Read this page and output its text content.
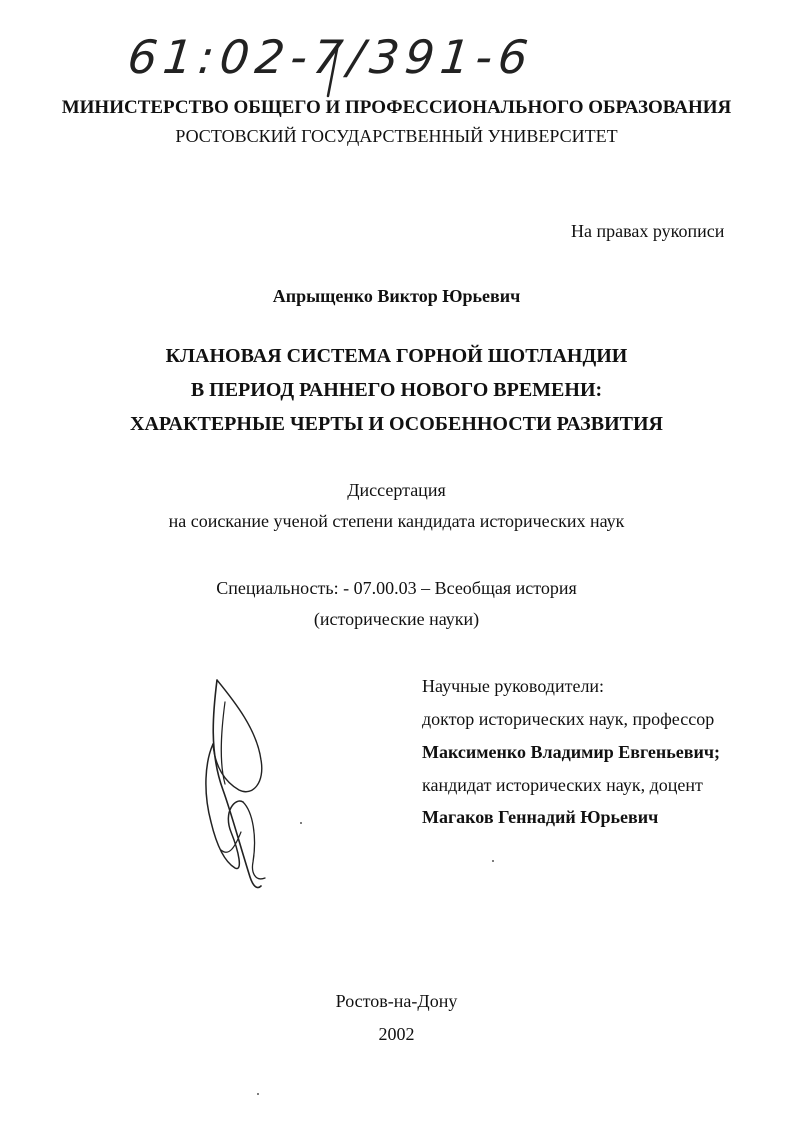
61:02-7/391-6
МИНИСТЕРСТВО ОБЩЕГО И ПРОФЕССИОНАЛЬНОГО ОБРАЗОВАНИЯ
РОСТОВСКИЙ ГОСУДАРСТВЕННЫЙ УНИВЕРСИТЕТ
На правах рукописи
Апрыщенко Виктор Юрьевич
КЛАНОВАЯ СИСТЕМА ГОРНОЙ ШОТЛАНДИИ
В ПЕРИОД РАННЕГО НОВОГО ВРЕМЕНИ:
ХАРАКТЕРНЫЕ ЧЕРТЫ И ОСОБЕННОСТИ РАЗВИТИЯ
Диссертация
на соискание ученой степени кандидата исторических наук
Специальность: - 07.00.03 – Всеобщая история
(исторические науки)
Научные руководители:
доктор исторических наук, профессор
Максименко Владимир Евгеньевич;
кандидат исторических наук, доцент
Магаков Геннадий Юрьевич
Ростов-на-Дону
2002
